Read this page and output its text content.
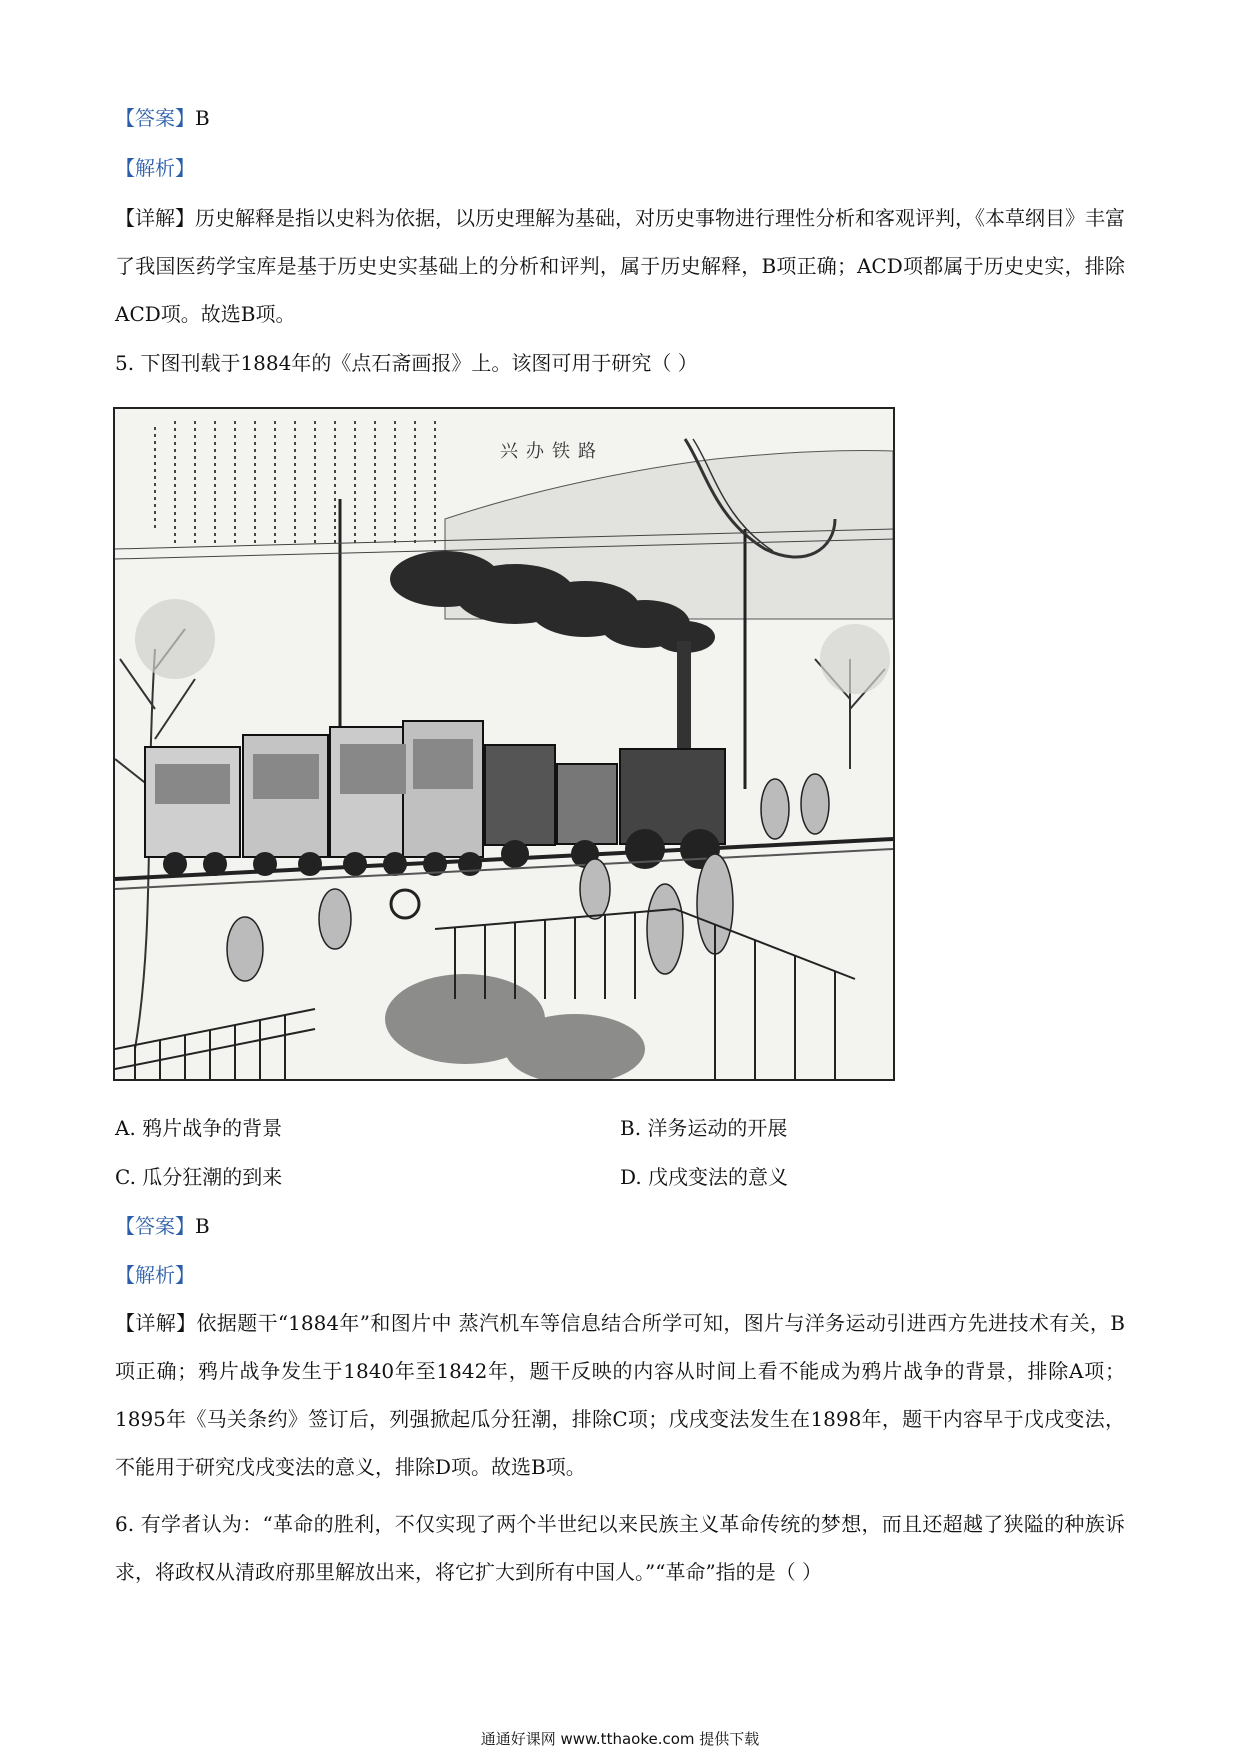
【答案】B
【解析】
【详解】历史解释是指以史料为依据，以历史理解为基础，对历史事物进行理性分析和客观评判，《本草纲目》丰富了我国医药学宝库是基于历史史实基础上的分析和评判，属于历史解释，B项正确；ACD项都属于历史史实，排除ACD项。故选B项。
5. 下图刊载于1884年的《点石斋画报》上。该图可用于研究（ ）
兴办铁路
A. 鸦片战争的背景	B. 洋务运动的开展
C. 瓜分狂潮的到来	D. 戊戌变法的意义
【答案】B
【解析】
【详解】依据题干“1884年”和图片中 蒸汽机车等信息结合所学可知，图片与洋务运动引进西方先进技术有关，B项正确；鸦片战争发生于1840年至1842年，题干反映的内容从时间上看不能成为鸦片战争的背景，排除A项；1895年《马关条约》签订后，列强掀起瓜分狂潮，排除C项；戊戌变法发生在1898年，题干内容早于戊戌变法，不能用于研究戊戌变法的意义，排除D项。故选B项。
6. 有学者认为：“革命的胜利，不仅实现了两个半世纪以来民族主义革命传统的梦想，而且还超越了狭隘的种族诉求，将政权从清政府那里解放出来，将它扩大到所有中国人。”“革命”指的是（ ）
通通好课网 www.tthaoke.com 提供下载
